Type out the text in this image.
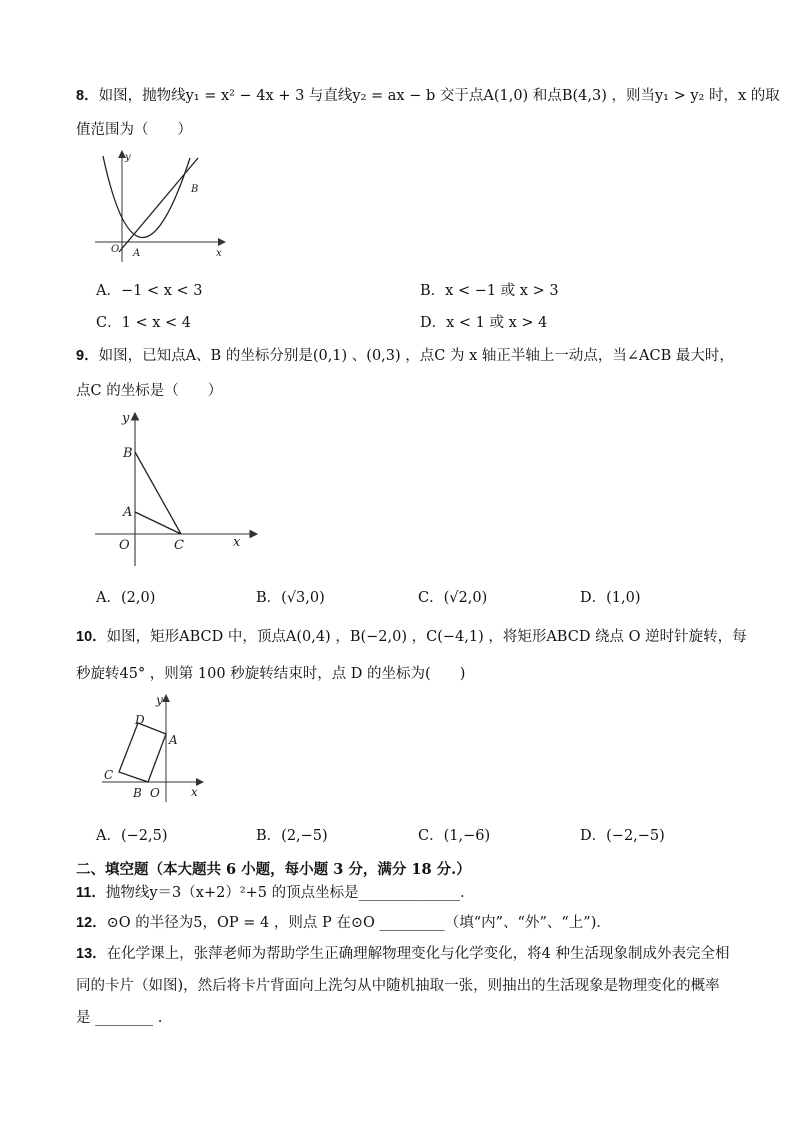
8．如图，抛物线y₁ = x² − 4x + 3 与直线y₂ = ax − b 交于点A(1,0) 和点B(4,3) ，则当y₁ > y₂ 时，x 的取
值范围为（　　）
y
x
O A
B
A．−1 < x < 3	B．x < −1 或 x > 3
C．1 < x < 4	D．x < 1 或 x > 4
9．如图，已知点A、B 的坐标分别是(0,1) 、(0,3) ，点C 为 x 轴正半轴上一动点，当∠ACB 最大时，
点C 的坐标是（　　）
y
x
O
A
B
C
A．(2,0)	B．(√3,0)	C．(√2,0)	D．(1,0)
10．如图，矩形ABCD 中，顶点A(0,4) ，B(−2,0) ，C(−4,1) ，将矩形ABCD 绕点 O 逆时针旋转，每
秒旋转45° ，则第 100 秒旋转结束时，点 D 的坐标为(　　)
y
x
O
A
B
C
D
A．(−2,5)	B．(2,−5)	C．(1,−6)	D．(−2,−5)
二、填空题（本大题共 6 小题，每小题 3 分，满分 18 分.）
11．抛物线y＝3（x+2）²+5 的顶点坐标是______________．
12．⊙O 的半径为5，OP = 4 ，则点 P 在⊙O _________（填“内”、“外”、“上”)．
13．在化学课上，张萍老师为帮助学生正确理解物理变化与化学变化，将4 种生活现象制成外表完全相
同的卡片（如图)，然后将卡片背面向上洗匀从中随机抽取一张，则抽出的生活现象是物理变化的概率
是 ________ .
